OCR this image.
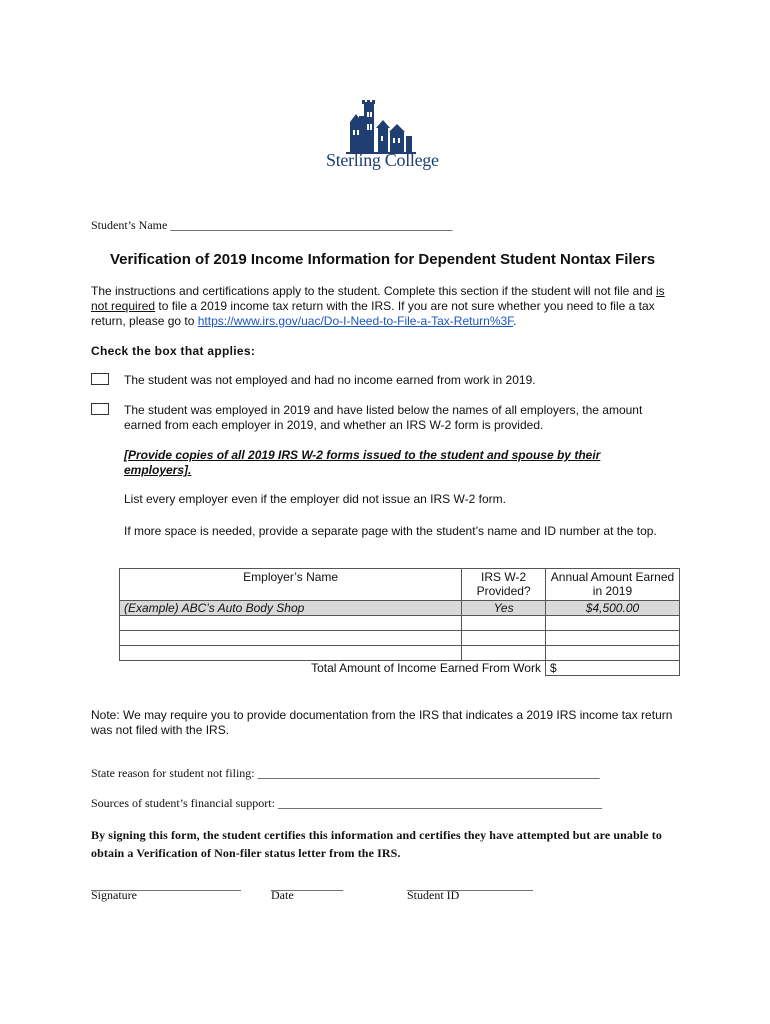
Sterling College
Student’s Name _______________________________________________
Verification of 2019 Income Information for Dependent Student Nontax Filers
The instructions and certifications apply to the student. Complete this section if the student will not file and is not required to file a 2019 income tax return with the IRS. If you are not sure whether you need to file a tax return, please go to https://www.irs.gov/uac/Do-I-Need-to-File-a-Tax-Return%3F.
Check the box that applies:
The student was not employed and had no income earned from work in 2019.
The student was employed in 2019 and have listed below the names of all employers, the amount earned from each employer in 2019, and whether an IRS W-2 form is provided.
[Provide copies of all 2019 IRS W-2 forms issued to the student and spouse by their employers].
List every employer even if the employer did not issue an IRS W-2 form.
If more space is needed, provide a separate page with the student’s name and ID number at the top.
Employer’s Name	IRS W-2 Provided?	Annual Amount Earned in 2019
(Example) ABC’s Auto Body Shop	Yes	$4,500.00

Total Amount of Income Earned From Work		$
Note: We may require you to provide documentation from the IRS that indicates a 2019 IRS income tax return was not filed with the IRS.
State reason for student not filing: _________________________________________________________
Sources of student’s financial support: ______________________________________________________
By signing this form, the student certifies this information and certifies they have attempted but are unable to obtain a Verification of Non-filer status letter from the IRS.
_________________________	____________	_____________________
Signature	Date	Student ID
